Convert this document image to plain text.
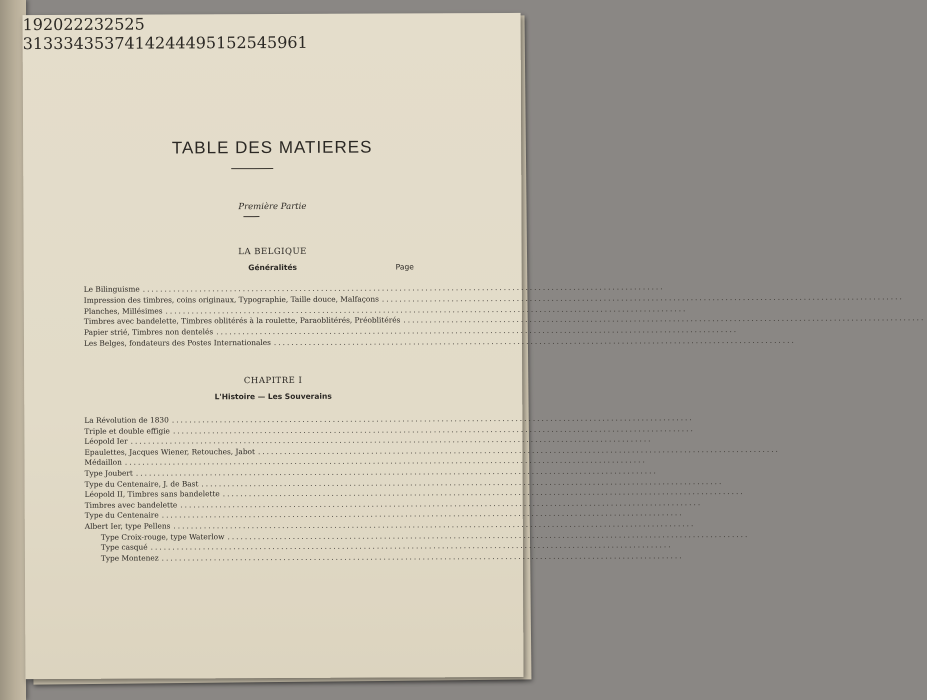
TABLE DES MATIERES
Première Partie
LA BELGIQUE
Généralités	Page
Le Bilinguisme ........................................................................................................................
19
Impression des timbres, coins originaux, Typographie, Taille douce, Malfaçons ........................................................................................................................
20
Planches, Millésimes ........................................................................................................................
22
Timbres avec bandelette, Timbres oblitérés à la roulette, Paraoblitérés, Préoblitérés ........................................................................................................................
23
Papier strié, Timbres non dentelés ........................................................................................................................
25
Les Belges, fondateurs des Postes Internationales ........................................................................................................................
25
CHAPITRE I
L'Histoire — Les Souverains
La Révolution de 1830 ........................................................................................................................
31
Triple et double effigie ........................................................................................................................
33
Léopold Ier ........................................................................................................................
34
Epaulettes, Jacques Wiener, Retouches, Jabot ........................................................................................................................
35
Médaillon ........................................................................................................................
37
Type Joubert ........................................................................................................................
41
Type du Centenaire, J. de Bast ........................................................................................................................
42
Léopold II, Timbres sans bandelette ........................................................................................................................
44
Timbres avec bandelette ........................................................................................................................
49
Type du Centenaire ........................................................................................................................
51
Albert Ier, type Pellens ........................................................................................................................
52
Type Croix-rouge, type Waterlow ........................................................................................................................
54
Type casqué ........................................................................................................................
59
Type Montenez ........................................................................................................................
61
